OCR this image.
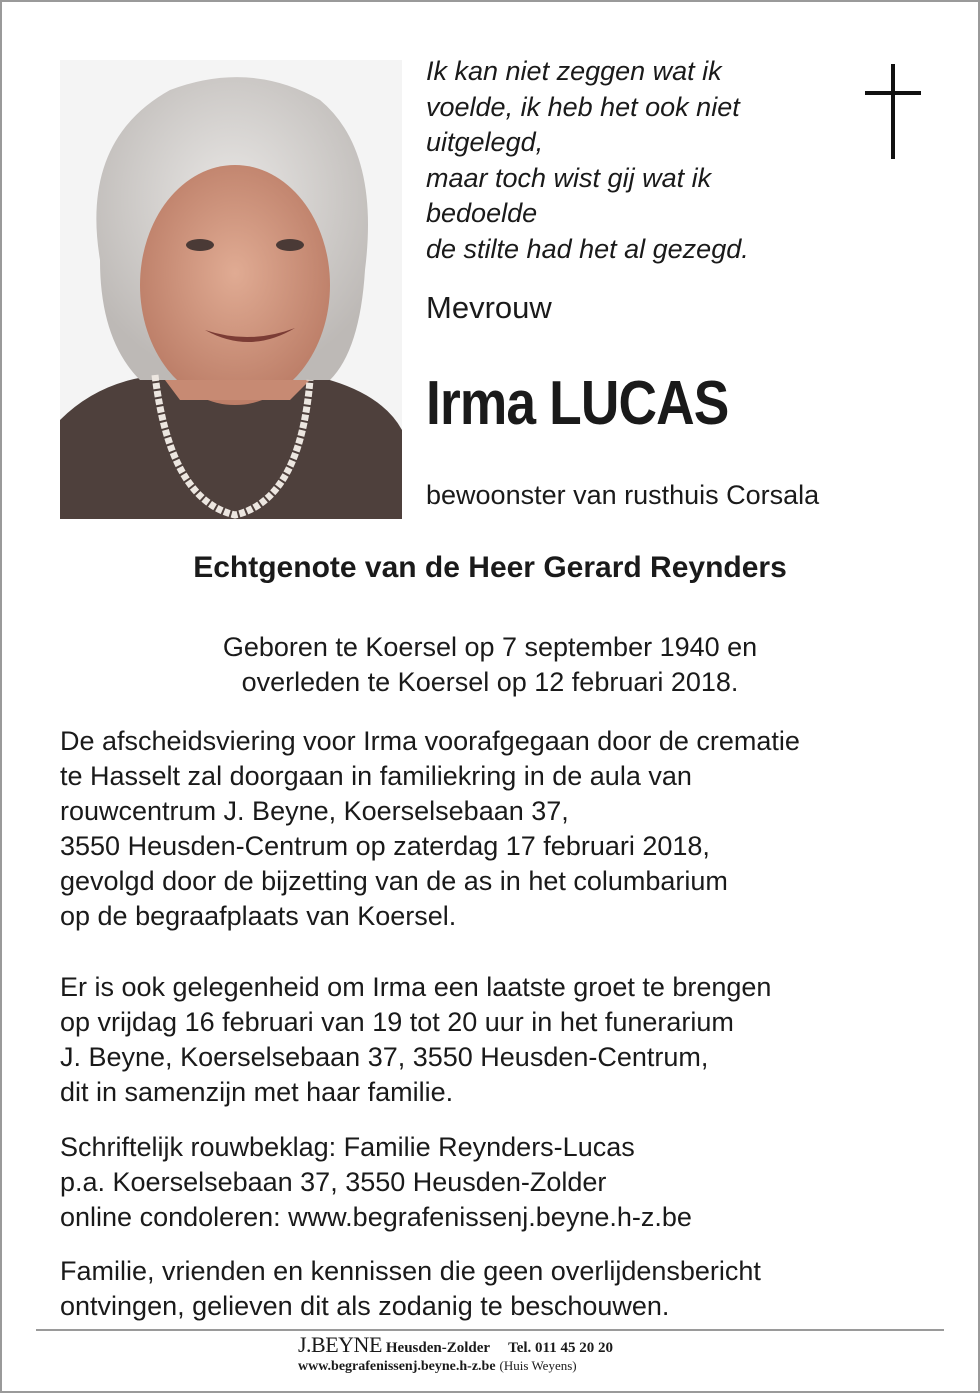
Ik kan niet zeggen wat ik
voelde, ik heb het ook niet
uitgelegd,
maar toch wist gij wat ik
bedoelde
de stilte had het al gezegd.
Mevrouw
Irma LUCAS
bewoonster van rusthuis Corsala
Echtgenote van de Heer Gerard Reynders
Geboren te Koersel op 7 september 1940 en
overleden te Koersel op 12 februari 2018.
De afscheidsviering voor Irma voorafgegaan door de crematie
te Hasselt zal doorgaan in familiekring in de aula van
rouwcentrum J. Beyne, Koerselsebaan 37,
3550 Heusden-Centrum op zaterdag 17 februari 2018,
gevolgd door de bijzetting van de as in het columbarium
op de begraafplaats van Koersel.
Er is ook gelegenheid om Irma een laatste groet te brengen
op vrijdag 16 februari van 19 tot 20 uur in het funerarium
J. Beyne, Koerselsebaan 37, 3550 Heusden-Centrum,
dit in samenzijn met haar familie.
Schriftelijk rouwbeklag: Familie Reynders-Lucas
p.a. Koerselsebaan 37, 3550 Heusden-Zolder
online condoleren: www.begrafenissenj.beyne.h-z.be
Familie, vrienden en kennissen die geen overlijdensbericht
ontvingen, gelieven dit als zodanig te beschouwen.
J.BEYNE Heusden-Zolder Tel. 011 45 20 20
www.begrafenissenj.beyne.h-z.be (Huis Weyens)
